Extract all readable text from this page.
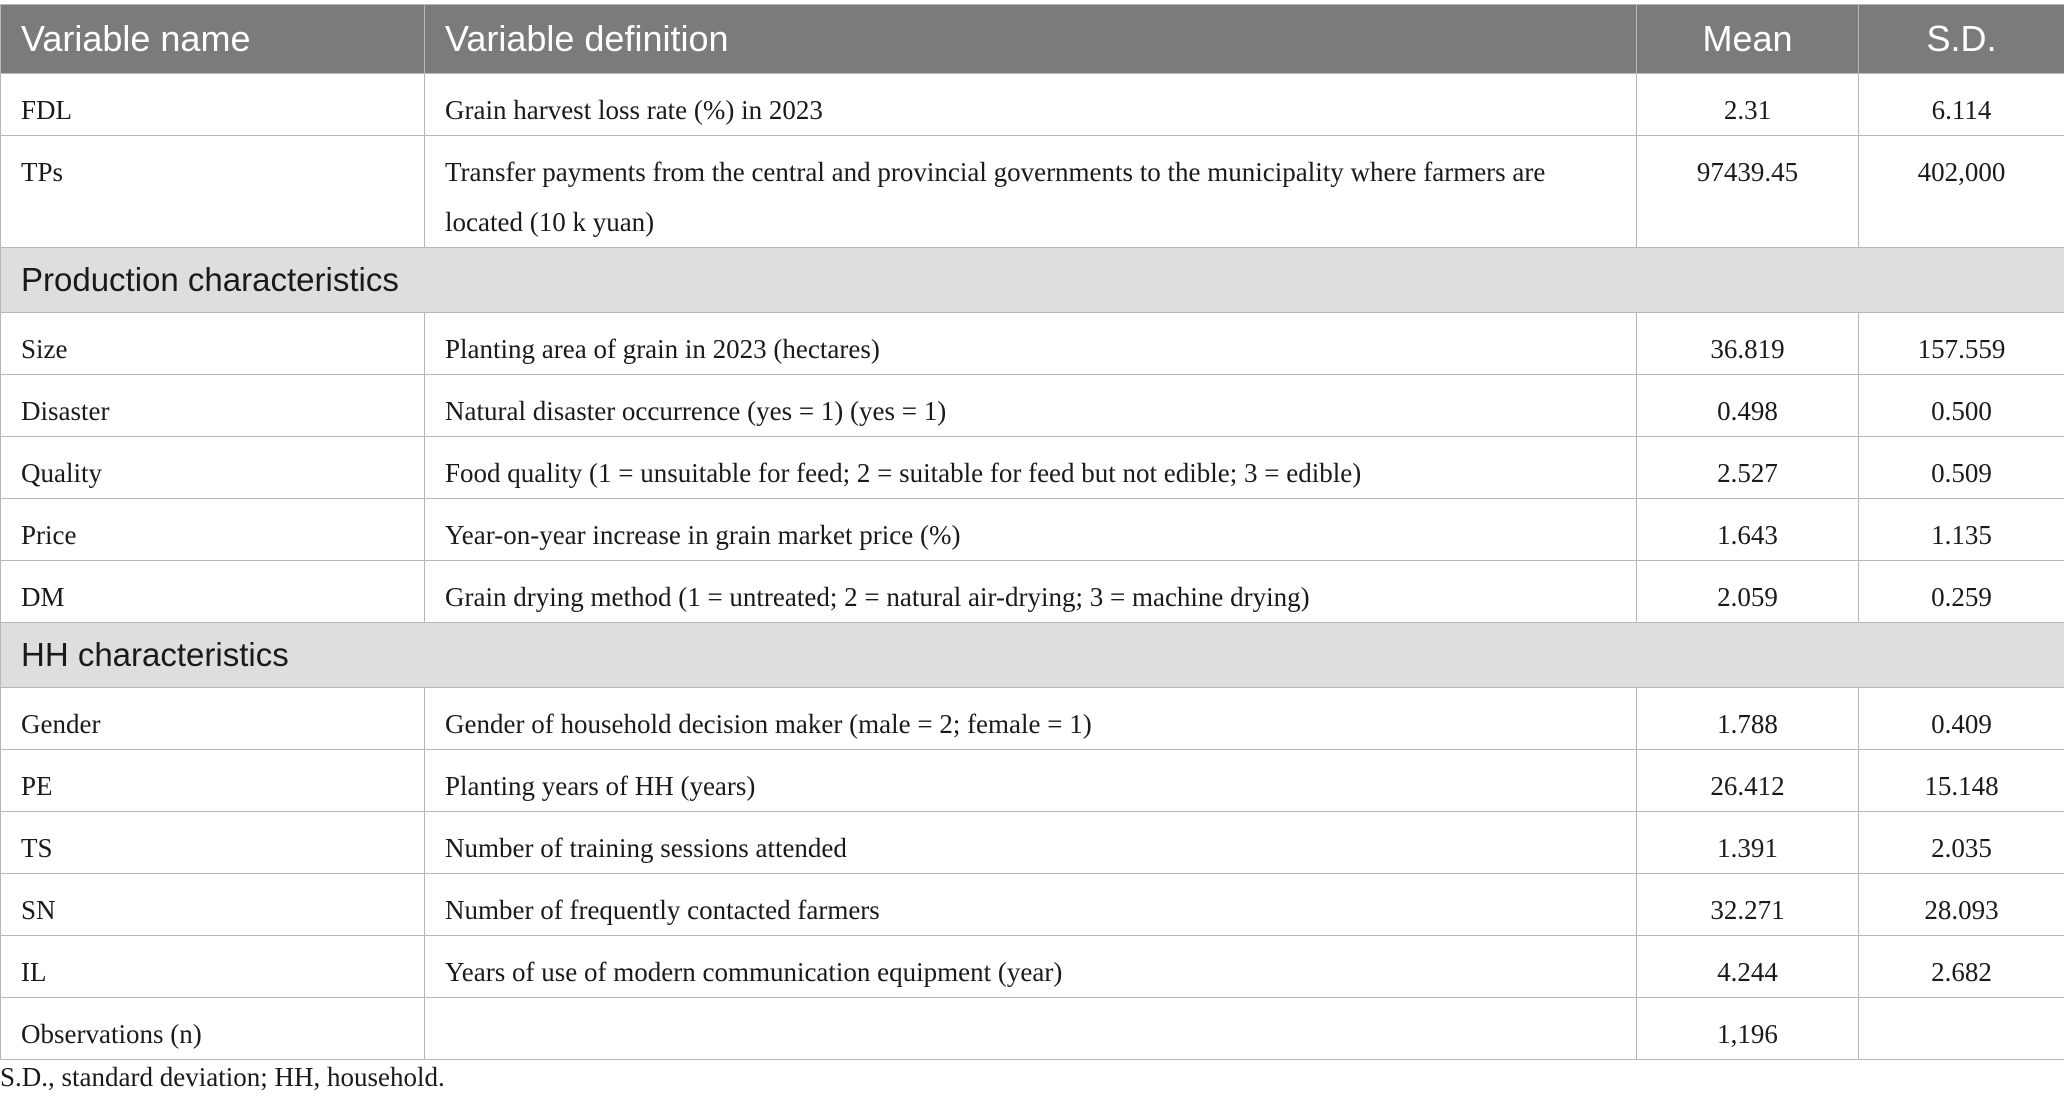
Variable name	Variable definition	Mean	S.D.
FDL	Grain harvest loss rate (%) in 2023	2.31	6.114
TPs	Transfer payments from the central and provincial governments to the municipality where farmers are located (10 k yuan)	97439.45	402,000
Production characteristics			
Size	Planting area of grain in 2023 (hectares)	36.819	157.559
Disaster	Natural disaster occurrence (yes = 1) (yes = 1)	0.498	0.500
Quality	Food quality (1 = unsuitable for feed; 2 = suitable for feed but not edible; 3 = edible)	2.527	0.509
Price	Year-on-year increase in grain market price (%)	1.643	1.135
DM	Grain drying method (1 = untreated; 2 = natural air-drying; 3 = machine drying)	2.059	0.259
HH characteristics			
Gender	Gender of household decision maker (male = 2; female = 1)	1.788	0.409
PE	Planting years of HH (years)	26.412	15.148
TS	Number of training sessions attended	1.391	2.035
SN	Number of frequently contacted farmers	32.271	28.093
IL	Years of use of modern communication equipment (year)	4.244	2.682
Observations (n)		1,196	

S.D., standard deviation; HH, household.
